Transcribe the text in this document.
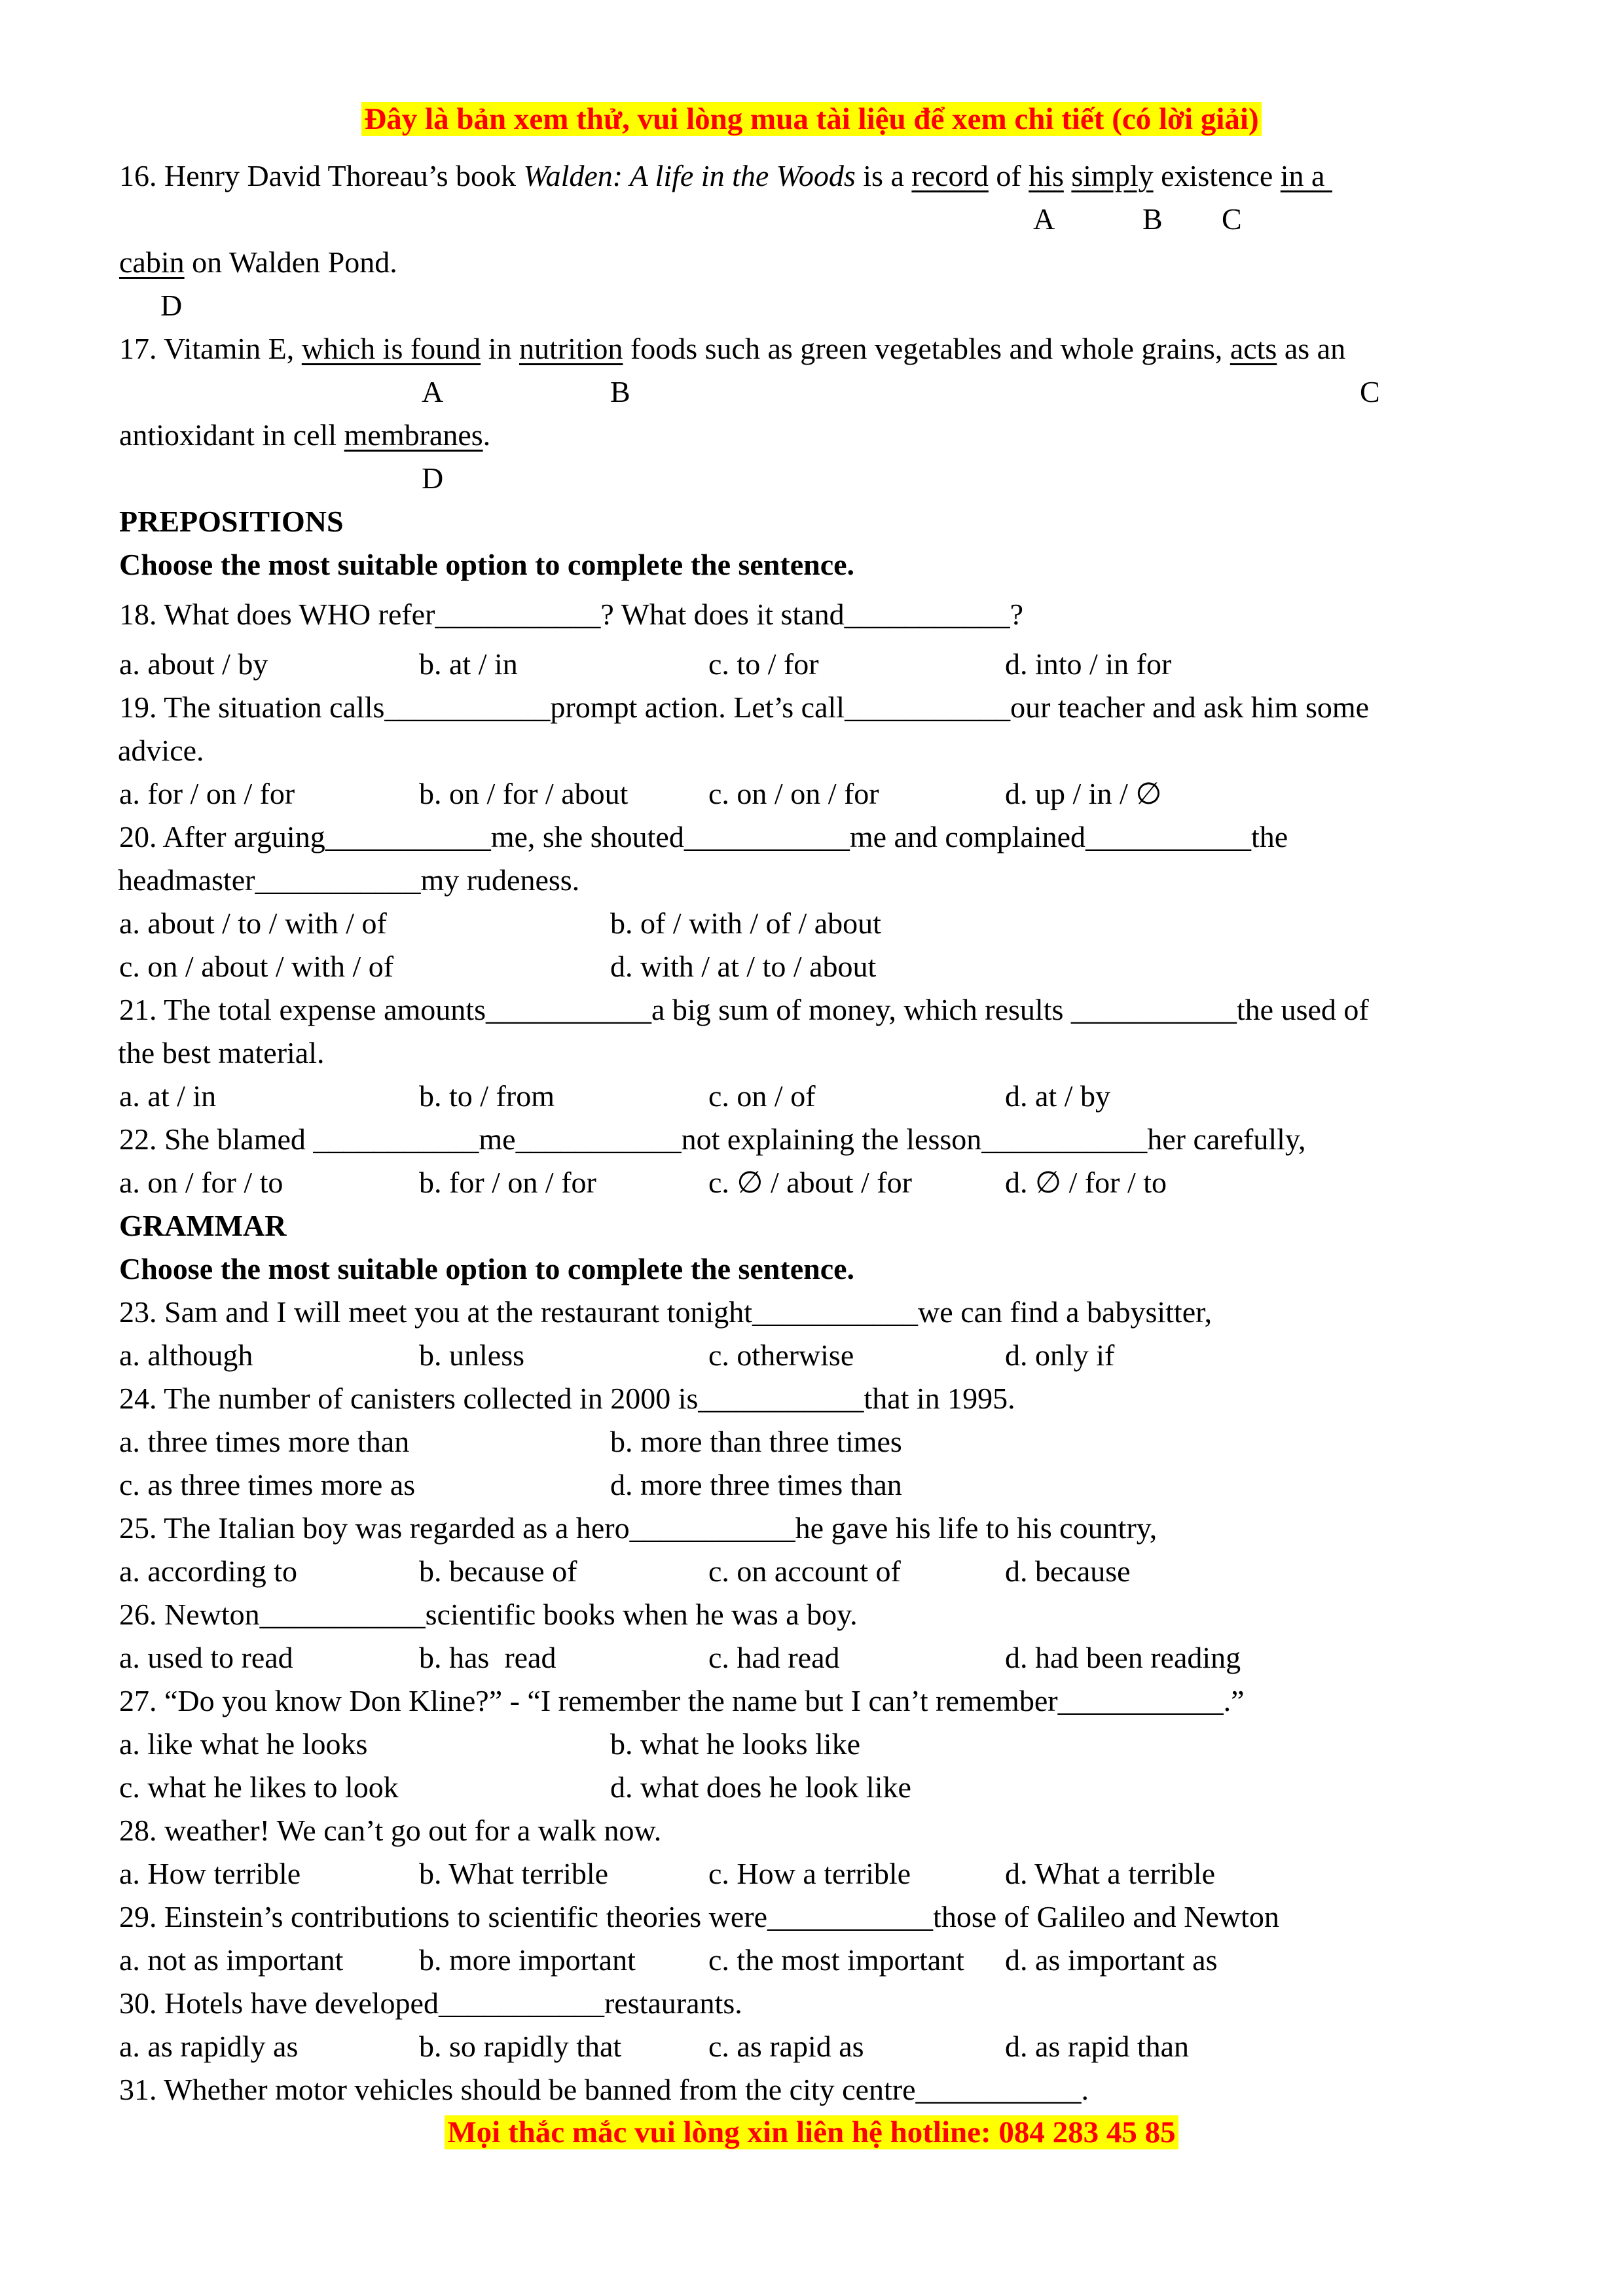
Đây là bản xem thử, vui lòng mua tài liệu để xem chi tiết (có lời giải)
16. Henry David Thoreau’s book Walden: A life in the Woods is a record of his simply existence in a
A	B C
cabin on Walden Pond.
D
17. Vitamin E, which is found in nutrition foods such as green vegetables and whole grains, acts as an
A	B	C
antioxidant in cell membranes.
D
PREPOSITIONS
Choose the most suitable option to complete the sentence.
18. What does WHO refer___________? What does it stand___________?
a. about / by	b. at / in	c. to / for	d. into / in for
19. The situation calls___________prompt action. Let’s call___________our teacher and ask him some
advice.
a. for / on / for	b. on / for / about	c. on / on / for	d. up / in / ∅
20. After arguing___________me, she shouted___________me and complained___________the
headmaster___________my rudeness.
a. about / to / with / of	b. of / with / of / about
c. on / about / with / of	d. with / at / to / about
21. The total expense amounts___________a big sum of money, which results ___________the used of
the best material.
a. at / in	b. to / from	c. on / of	d. at / by
22. She blamed ___________me___________not explaining the lesson___________her carefully,
a. on / for / to	b. for / on / for	c. ∅ / about / for	d. ∅ / for / to
GRAMMAR
Choose the most suitable option to complete the sentence.
23. Sam and I will meet you at the restaurant tonight___________we can find a babysitter,
a. although	b. unless	c. otherwise	d. only if
24. The number of canisters collected in 2000 is___________that in 1995.
a. three times more than	b. more than three times
c. as three times more as	d. more three times than
25. The Italian boy was regarded as a hero___________he gave his life to his country,
a. according to	b. because of	c. on account of	d. because
26. Newton___________scientific books when he was a boy.
a. used to read	b. has  read	c. had read	d. had been reading
27. “Do you know Don Kline?” - “I remember the name but I can’t remember___________.”
a. like what he looks	b. what he looks like
c. what he likes to look	d. what does he look like
28. weather! We can’t go out for a walk now.
a. How terrible	b. What terrible	c. How a terrible	d. What a terrible
29. Einstein’s contributions to scientific theories were___________those of Galileo and Newton
a. not as important	b. more important c. the most important d. as important as
30. Hotels have developed___________restaurants.
a. as rapidly as	b. so rapidly that	c. as rapid as	d. as rapid than
31. Whether motor vehicles should be banned from the city centre___________.
Mọi thắc mắc vui lòng xin liên hệ hotline: 084 283 45 85
